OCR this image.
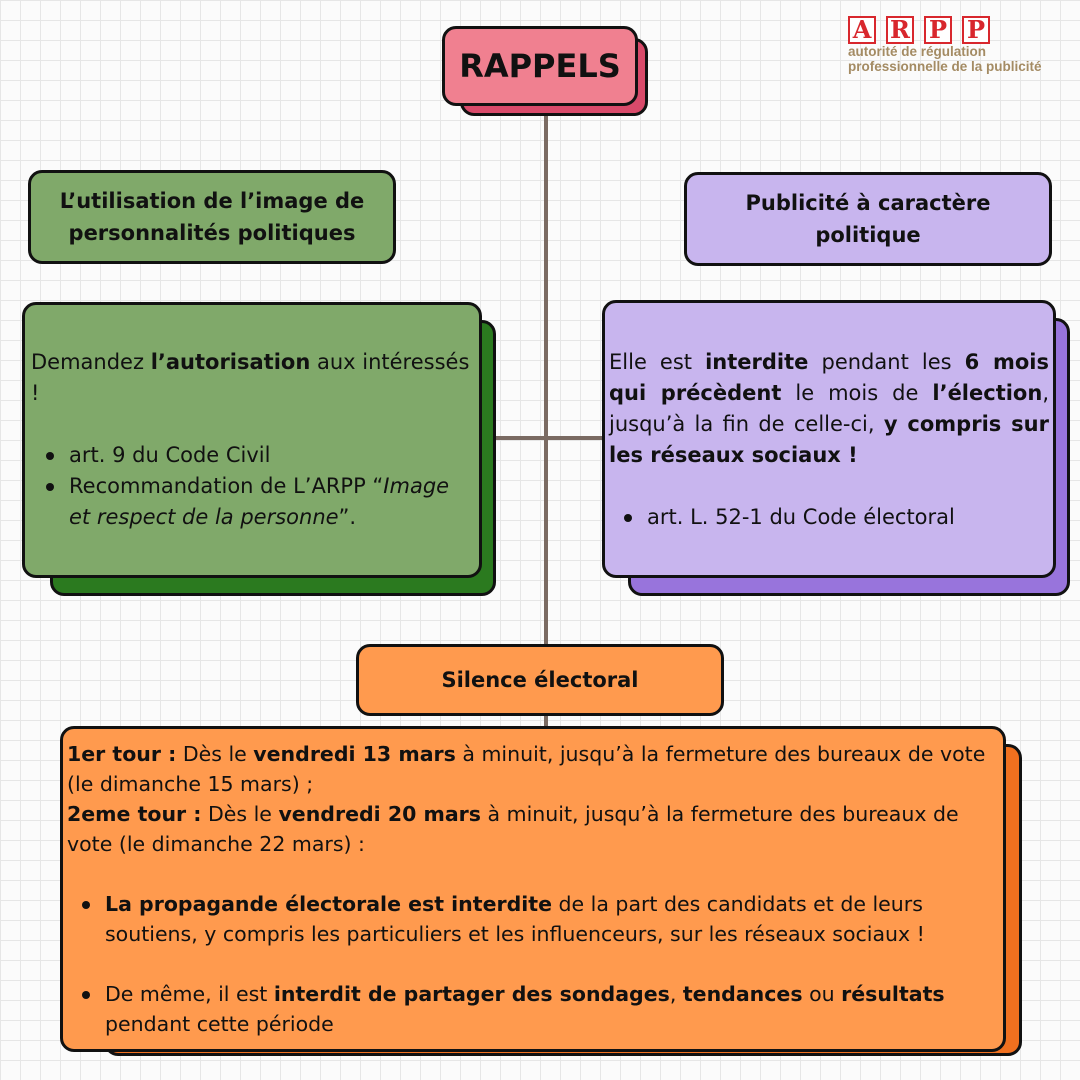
A R P P
autorité de régulation
professionnelle de la publicité
RAPPELS
L’utilisation de l’image de personnalités politiques

Demandez l’autorisation aux intéressés !

art. 9 du Code Civil
Recommandation de L’ARPP “Image et respect de la personne”.
Publicité à caractère politique

Elle est interdite pendant les 6 mois qui précèdent le mois de l’élection, jusqu’à la fin de celle-ci, y compris sur les réseaux sociaux !

art. L. 52-1 du Code électoral
Silence électoral

1er tour : Dès le vendredi 13 mars à minuit, jusqu’à la fermeture des bureaux de vote (le dimanche 15 mars) ;

2eme tour : Dès le vendredi 20 mars à minuit, jusqu’à la fermeture des bureaux de vote (le dimanche 22 mars) :

La propagande électorale est interdite de la part des candidats et de leurs soutiens, y compris les particuliers et les influenceurs, sur les réseaux sociaux !
De même, il est interdit de partager des sondages, tendances ou résultats pendant cette période
